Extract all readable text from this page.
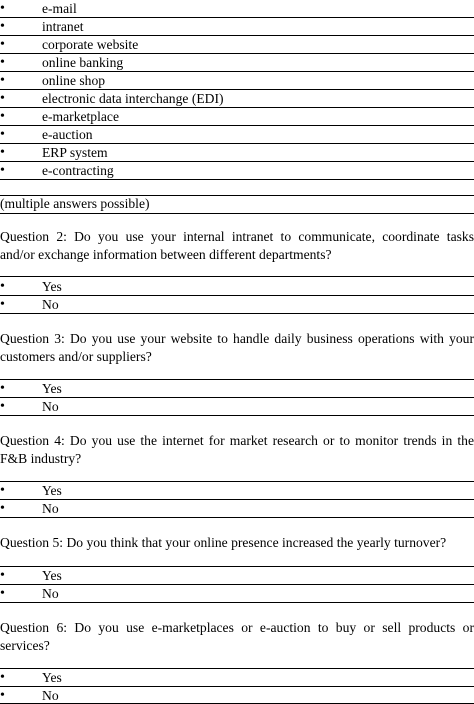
•	e-mail
•	intranet
•	corporate website
•	online banking
•	online shop
•	electronic data interchange (EDI)
•	e-marketplace
•	e-auction
•	ERP system
•	e-contracting
(multiple answers possible)
Question 2: Do you use your internal intranet to communicate, coordinate tasks
and/or exchange information between different departments?
•	Yes
•	No
Question 3: Do you use your website to handle daily business operations with your
customers and/or suppliers?
•	Yes
•	No
Question 4: Do you use the internet for market research or to monitor trends in the
F&B industry?
•	Yes
•	No
Question 5: Do you think that your online presence increased the yearly turnover?
•	Yes
•	No
Question 6: Do you use e-marketplaces or e-auction to buy or sell products or
services?
•	Yes
•	No
